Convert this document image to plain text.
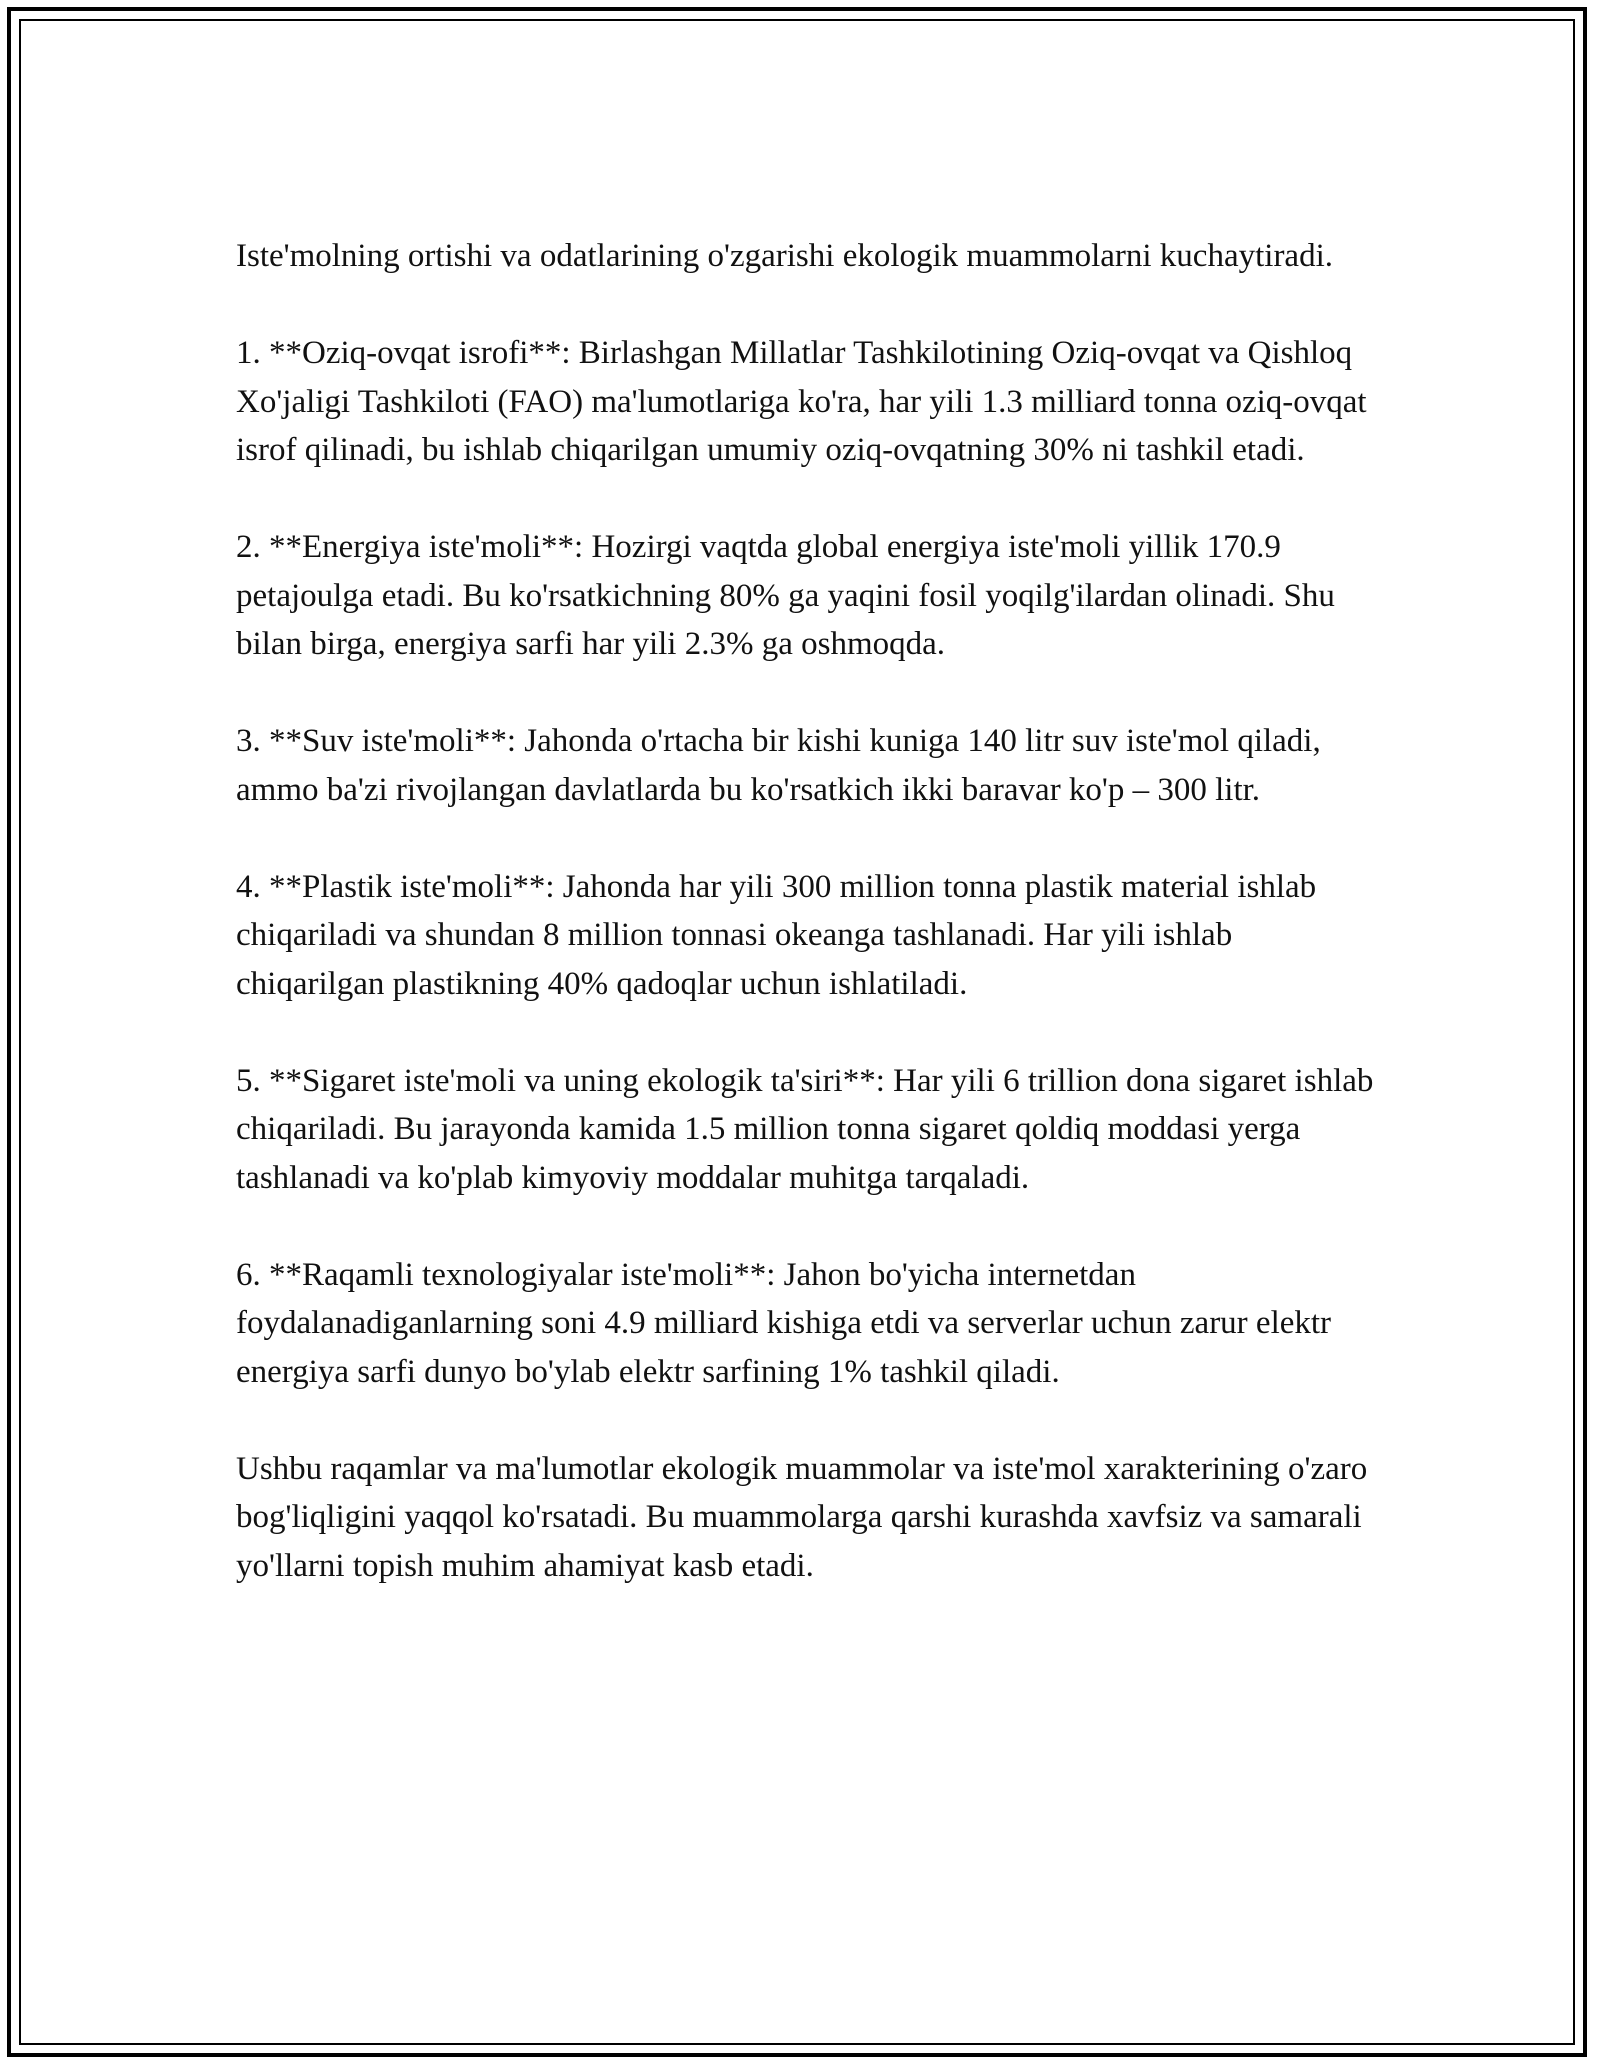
Iste'molning ortishi va odatlarining o'zgarishi ekologik muammolarni kuchaytiradi.

1. **Oziq-ovqat isrofi**: Birlashgan Millatlar Tashkilotining Oziq-ovqat va Qishloq Xo'jaligi Tashkiloti (FAO) ma'lumotlariga ko'ra, har yili 1.3 milliard tonna oziq-ovqat isrof qilinadi, bu ishlab chiqarilgan umumiy oziq-ovqatning 30% ni tashkil etadi.

2. **Energiya iste'moli**: Hozirgi vaqtda global energiya iste'moli yillik 170.9 petajoulga etadi. Bu ko'rsatkichning 80% ga yaqini fosil yoqilg'ilardan olinadi. Shu bilan birga, energiya sarfi har yili 2.3% ga oshmoqda.

3. **Suv iste'moli**: Jahonda o'rtacha bir kishi kuniga 140 litr suv iste'mol qiladi, ammo ba'zi rivojlangan davlatlarda bu ko'rsatkich ikki baravar ko'p – 300 litr.

4. **Plastik iste'moli**: Jahonda har yili 300 million tonna plastik material ishlab chiqariladi va shundan 8 million tonnasi okeanga tashlanadi. Har yili ishlab chiqarilgan plastikning 40% qadoqlar uchun ishlatiladi.

5. **Sigaret iste'moli va uning ekologik ta'siri**: Har yili 6 trillion dona sigaret ishlab chiqariladi. Bu jarayonda kamida 1.5 million tonna sigaret qoldiq moddasi yerga tashlanadi va ko'plab kimyoviy moddalar muhitga tarqaladi.

6. **Raqamli texnologiyalar iste'moli**: Jahon bo'yicha internetdan foydalanadiganlarning soni 4.9 milliard kishiga etdi va serverlar uchun zarur elektr energiya sarfi dunyo bo'ylab elektr sarfining 1% tashkil qiladi.

Ushbu raqamlar va ma'lumotlar ekologik muammolar va iste'mol xarakterining o'zaro bog'liqligini yaqqol ko'rsatadi. Bu muammolarga qarshi kurashda xavfsiz va samarali yo'llarni topish muhim ahamiyat kasb etadi.
